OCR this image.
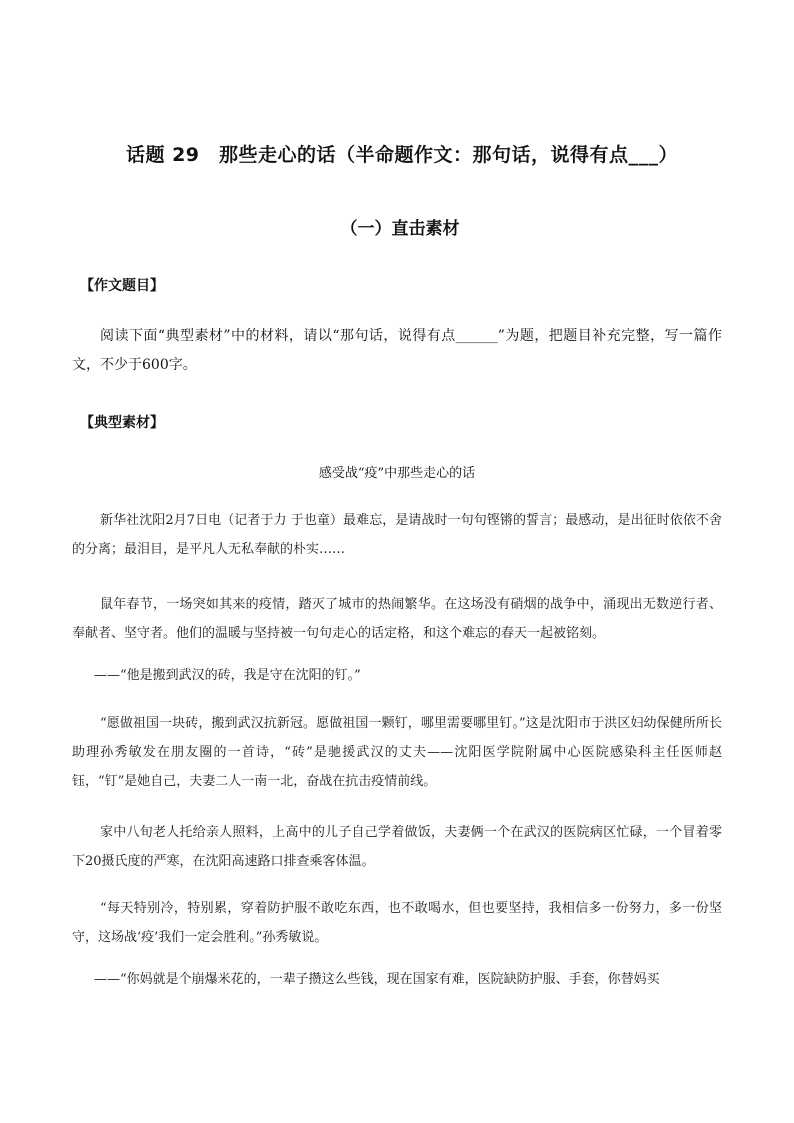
话题 29　那些走心的话（半命题作文：那句话，说得有点___）
（一）直击素材
【作文题目】
阅读下面“典型素材”中的材料，请以“那句话，说得有点______”为题，把题目补充完整，写一篇作文，不少于600字。
【典型素材】
感受战“疫”中那些走心的话
新华社沈阳2月7日电（记者于力 于也童）最难忘，是请战时一句句铿锵的誓言；最感动，是出征时依依不舍的分离；最泪目，是平凡人无私奉献的朴实……
鼠年春节，一场突如其来的疫情，踏灭了城市的热闹繁华。在这场没有硝烟的战争中，涌现出无数逆行者、奉献者、坚守者。他们的温暖与坚持被一句句走心的话定格，和这个难忘的春天一起被铭刻。
——“他是搬到武汉的砖，我是守在沈阳的钉。”
“愿做祖国一块砖，搬到武汉抗新冠。愿做祖国一颗钉，哪里需要哪里钉。”这是沈阳市于洪区妇幼保健所所长助理孙秀敏发在朋友圈的一首诗，“砖”是驰援武汉的丈夫——沈阳医学院附属中心医院感染科主任医师赵钰，“钉”是她自己，夫妻二人一南一北，奋战在抗击疫情前线。
家中八旬老人托给亲人照料，上高中的儿子自己学着做饭，夫妻俩一个在武汉的医院病区忙碌，一个冒着零下20摄氏度的严寒，在沈阳高速路口排查乘客体温。
“每天特别冷，特别累，穿着防护服不敢吃东西，也不敢喝水，但也要坚持，我相信多一份努力，多一份坚守，这场战‘疫’我们一定会胜利。”孙秀敏说。
——“你妈就是个崩爆米花的，一辈子攒这么些钱，现在国家有难，医院缺防护服、手套，你替妈买
